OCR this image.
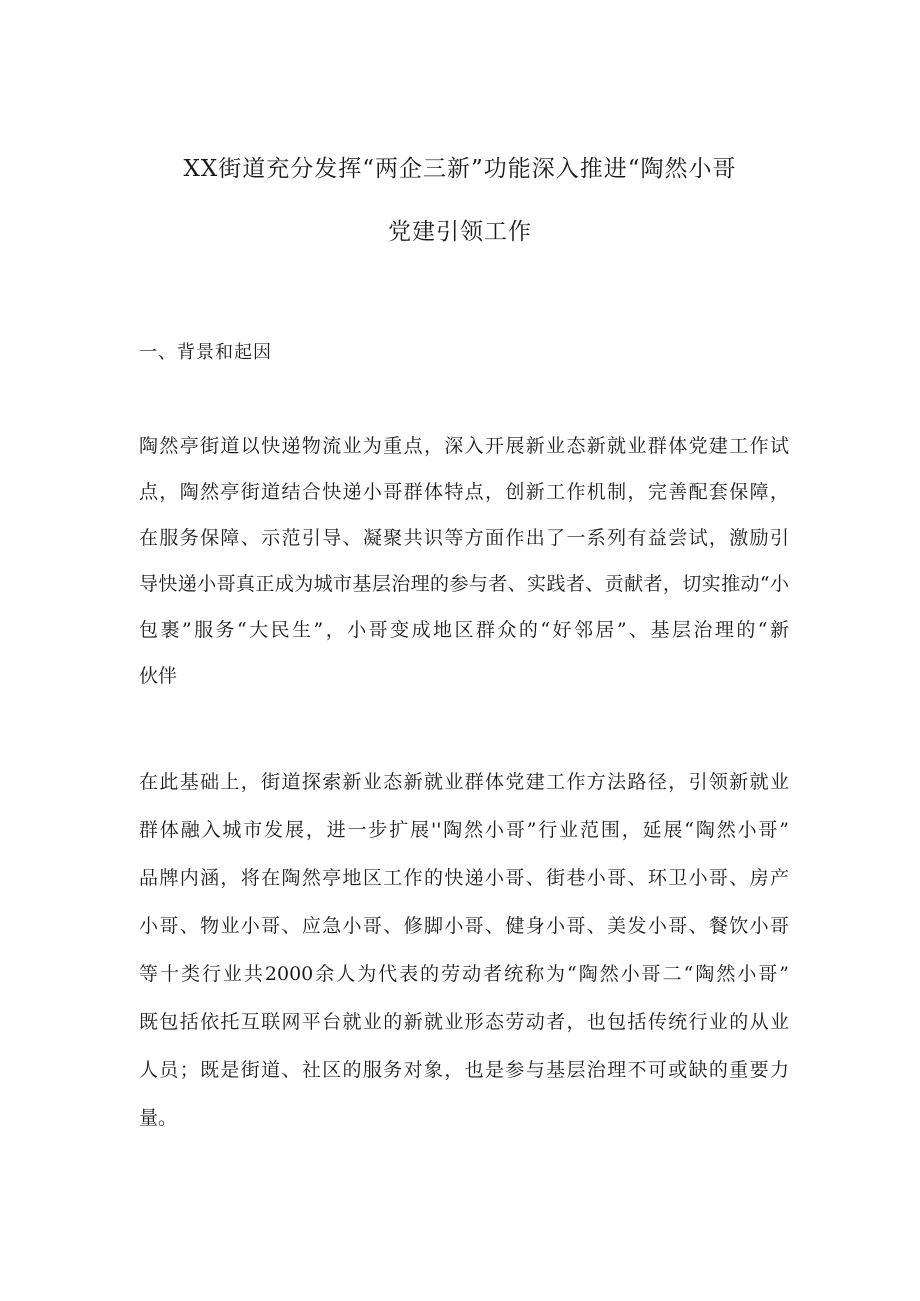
XX街道充分发挥“两企三新”功能深入推进“陶然小哥
党建引领工作
一、背景和起因
陶然亭街道以快递物流业为重点，深入开展新业态新就业群体党建工作试
点，陶然亭街道结合快递小哥群体特点，创新工作机制，完善配套保障，
在服务保障、示范引导、凝聚共识等方面作出了一系列有益尝试，激励引
导快递小哥真正成为城市基层治理的参与者、实践者、贡献者，切实推动“小
包裹”服务“大民生”，小哥变成地区群众的“好邻居”、基层治理的“新
伙伴
在此基础上，街道探索新业态新就业群体党建工作方法路径，引领新就业
群体融入城市发展，进一步扩展''陶然小哥”行业范围，延展“陶然小哥”
品牌内涵，将在陶然亭地区工作的快递小哥、街巷小哥、环卫小哥、房产
小哥、物业小哥、应急小哥、修脚小哥、健身小哥、美发小哥、餐饮小哥
等十类行业共2000余人为代表的劳动者统称为“陶然小哥二“陶然小哥”
既包括依托互联网平台就业的新就业形态劳动者，也包括传统行业的从业
人员；既是街道、社区的服务对象，也是参与基层治理不可或缺的重要力
量。
